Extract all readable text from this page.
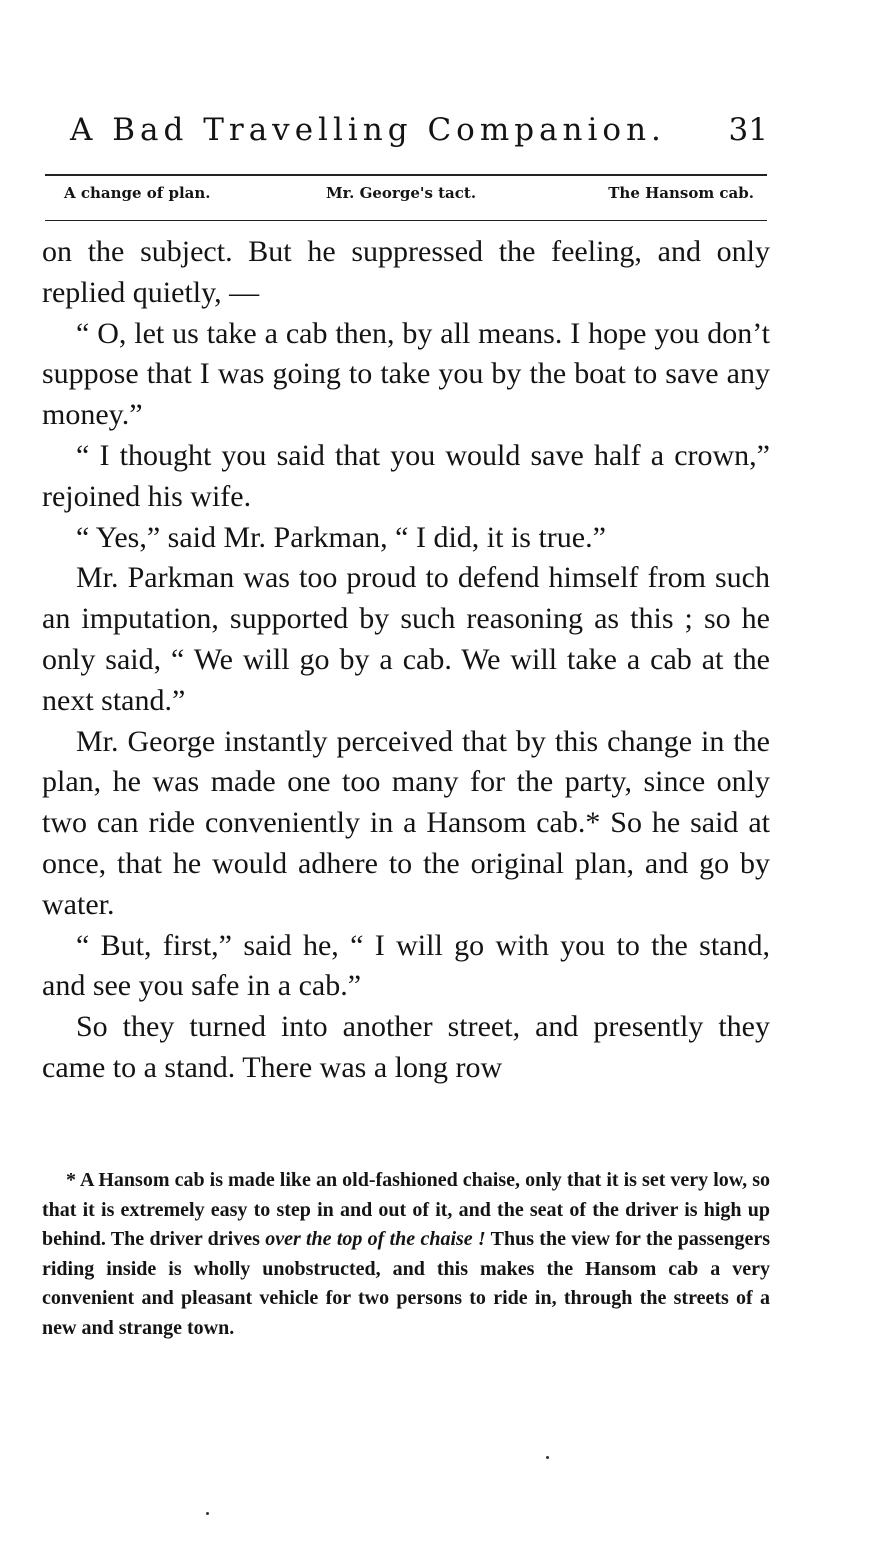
A Bad Travelling Companion. 31
A change of plan.	Mr. George's tact.	The Hansom cab.

on the subject. But he suppressed the feeling, and only replied quietly, —

“ O, let us take a cab then, by all means. I hope you don’t suppose that I was going to take you by the boat to save any money.”

“ I thought you said that you would save half a crown,” rejoined his wife.

“ Yes,” said Mr. Parkman, “ I did, it is true.”

Mr. Parkman was too proud to defend himself from such an imputation, supported by such reasoning as this ; so he only said, “ We will go by a cab. We will take a cab at the next stand.”

Mr. George instantly perceived that by this change in the plan, he was made one too many for the party, since only two can ride conveniently in a Hansom cab.* So he said at once, that he would adhere to the original plan, and go by water.

“ But, first,” said he, “ I will go with you to the stand, and see you safe in a cab.”

So they turned into another street, and presently they came to a stand. There was a long row

* A Hansom cab is made like an old-fashioned chaise, only that it is set very low, so that it is extremely easy to step in and out of it, and the seat of the driver is high up behind. The driver drives over the top of the chaise ! Thus the view for the passengers riding inside is wholly unobstructed, and this makes the Hansom cab a very convenient and pleasant vehicle for two persons to ride in, through the streets of a new and strange town.
